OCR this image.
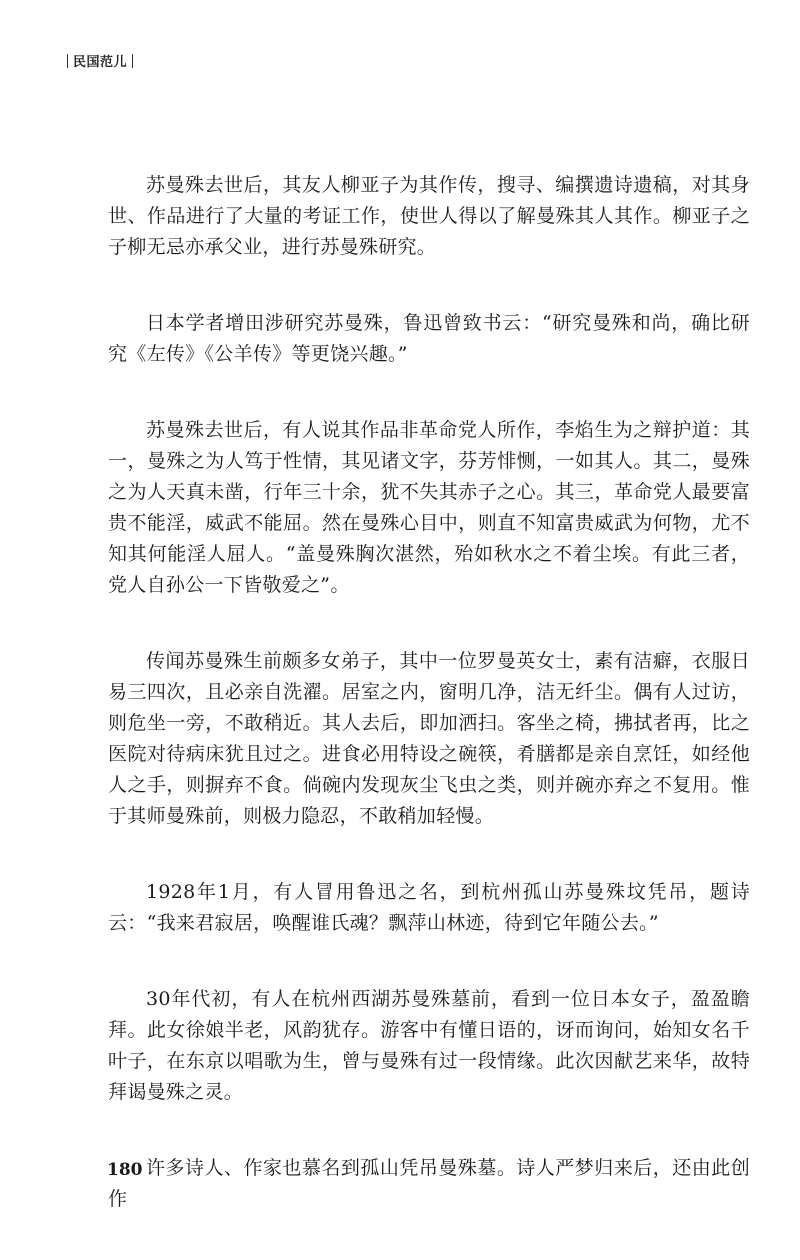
民国范儿

苏曼殊去世后，其友人柳亚子为其作传，搜寻、编撰遗诗遗稿，对其身世、作品进行了大量的考证工作，使世人得以了解曼殊其人其作。柳亚子之子柳无忌亦承父业，进行苏曼殊研究。

日本学者增田涉研究苏曼殊，鲁迅曾致书云：“研究曼殊和尚，确比研究《左传》《公羊传》等更饶兴趣。”

苏曼殊去世后，有人说其作品非革命党人所作，李焰生为之辩护道：其一，曼殊之为人笃于性情，其见诸文字，芬芳悱恻，一如其人。其二，曼殊之为人天真未凿，行年三十余，犹不失其赤子之心。其三，革命党人最要富贵不能淫，威武不能屈。然在曼殊心目中，则直不知富贵威武为何物，尤不知其何能淫人屈人。“盖曼殊胸次湛然，殆如秋水之不着尘埃。有此三者，党人自孙公一下皆敬爱之”。

传闻苏曼殊生前颇多女弟子，其中一位罗曼英女士，素有洁癖，衣服日易三四次，且必亲自洗濯。居室之内，窗明几净，洁无纤尘。偶有人过访，则危坐一旁，不敢稍近。其人去后，即加洒扫。客坐之椅，拂拭者再，比之医院对待病床犹且过之。进食必用特设之碗筷，肴膳都是亲自烹饪，如经他人之手，则摒弃不食。倘碗内发现灰尘飞虫之类，则并碗亦弃之不复用。惟于其师曼殊前，则极力隐忍，不敢稍加轻慢。

1928年1月，有人冒用鲁迅之名，到杭州孤山苏曼殊坟凭吊，题诗云：“我来君寂居，唤醒谁氏魂？飘萍山林迹，待到它年随公去。”

30年代初，有人在杭州西湖苏曼殊墓前，看到一位日本女子，盈盈瞻拜。此女徐娘半老，风韵犹存。游客中有懂日语的，讶而询问，始知女名千叶子，在东京以唱歌为生，曾与曼殊有过一段情缘。此次因献艺来华，故特拜谒曼殊之灵。

许多诗人、作家也慕名到孤山凭吊曼殊墓。诗人严梦归来后，还由此创作

180
